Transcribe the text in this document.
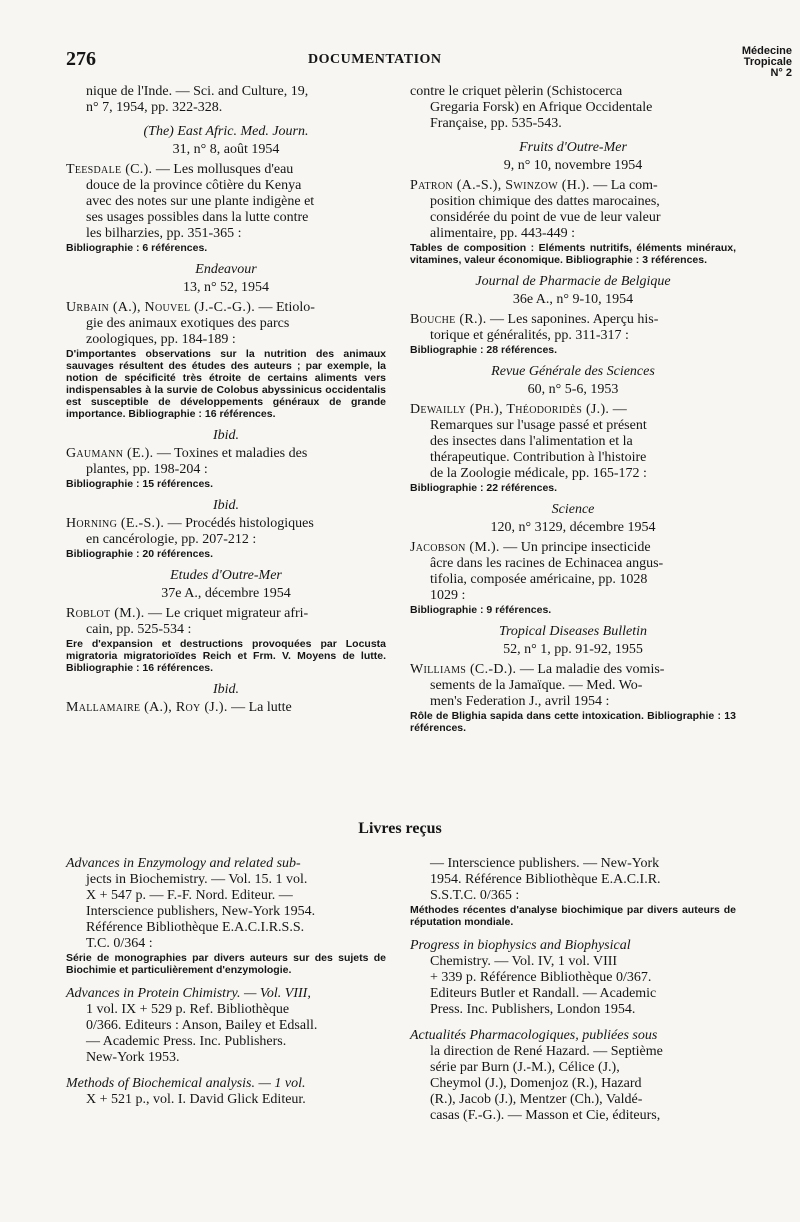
276	DOCUMENTATION
Médecine
Tropicale
N° 2
nique de l'Inde. — Sci. and Culture, 19,
n° 7, 1954, pp. 322-328.
(The) East Afric. Med. Journ.
31, n° 8, août 1954
Teesdale (C.). — Les mollusques d'eau
douce de la province côtière du Kenya
avec des notes sur une plante indigène et
ses usages possibles dans la lutte contre
les bilharzies, pp. 351-365 :
Bibliographie : 6 références.
Endeavour
13, n° 52, 1954
Urbain (A.), Nouvel (J.-C.-G.). — Etiolo-
gie des animaux exotiques des parcs
zoologiques, pp. 184-189 :
D'importantes observations sur la nutrition des animaux sauvages résultent des études des auteurs ; par exemple, la notion de spécificité très étroite de certains aliments vers indispensables à la survie de Colobus abyssinicus occidentalis est susceptible de développements généraux de grande importance. Bibliographie : 16 références.
Ibid.
Gaumann (E.). — Toxines et maladies des
plantes, pp. 198-204 :
Bibliographie : 15 références.
Ibid.
Horning (E.-S.). — Procédés histologiques
en cancérologie, pp. 207-212 :
Bibliographie : 20 références.
Etudes d'Outre-Mer
37e A., décembre 1954
Roblot (M.). — Le criquet migrateur afri-
cain, pp. 525-534 :
Ere d'expansion et destructions provoquées par Locusta migratoria migratorioïdes Reich et Frm. V. Moyens de lutte. Bibliographie : 16 références.
Ibid.
Mallamaire (A.), Roy (J.). — La lutte
contre le criquet pèlerin (Schistocerca
Gregaria Forsk) en Afrique Occidentale
Française, pp. 535-543.
Fruits d'Outre-Mer
9, n° 10, novembre 1954
Patron (A.-S.), Swinzow (H.). — La com-
position chimique des dattes marocaines,
considérée du point de vue de leur valeur
alimentaire, pp. 443-449 :
Tables de composition : Eléments nutritifs, éléments minéraux, vitamines, valeur économique. Bibliographie : 3 références.
Journal de Pharmacie de Belgique
36e A., n° 9-10, 1954
Bouche (R.). — Les saponines. Aperçu his-
torique et généralités, pp. 311-317 :
Bibliographie : 28 références.
Revue Générale des Sciences
60, n° 5-6, 1953
Dewailly (Ph.), Théodoridès (J.). —
Remarques sur l'usage passé et présent
des insectes dans l'alimentation et la
thérapeutique. Contribution à l'histoire
de la Zoologie médicale, pp. 165-172 :
Bibliographie : 22 références.
Science
120, n° 3129, décembre 1954
Jacobson (M.). — Un principe insecticide
âcre dans les racines de Echinacea angus-
tifolia, composée américaine, pp. 1028
1029 :
Bibliographie : 9 références.
Tropical Diseases Bulletin
52, n° 1, pp. 91-92, 1955
Williams (C.-D.). — La maladie des vomis-
sements de la Jamaïque. — Med. Wo-
men's Federation J., avril 1954 :
Rôle de Blighia sapida dans cette intoxication. Bibliographie : 13 références.
Livres reçus
Advances in Enzymology and related sub-
jects in Biochemistry. — Vol. 15. 1 vol.
X + 547 p. — F.-F. Nord. Editeur. —
Interscience publishers, New-York 1954.
Référence Bibliothèque E.A.C.I.R.S.S.
T.C. 0/364 :
Série de monographies par divers auteurs sur des sujets de Biochimie et particulièrement d'enzymologie.
Advances in Protein Chimistry. — Vol. VIII,
1 vol. IX + 529 p. Ref. Bibliothèque
0/366. Editeurs : Anson, Bailey et Edsall.
— Academic Press. Inc. Publishers.
New-York 1953.
Methods of Biochemical analysis. — 1 vol.
X + 521 p., vol. I. David Glick Editeur.
— Interscience publishers. — New-York
1954. Référence Bibliothèque E.A.C.I.R.
S.S.T.C. 0/365 :
Méthodes récentes d'analyse biochimique par divers auteurs de réputation mondiale.
Progress in biophysics and Biophysical
Chemistry. — Vol. IV, 1 vol. VIII
+ 339 p. Référence Bibliothèque 0/367.
Editeurs Butler et Randall. — Academic
Press. Inc. Publishers, London 1954.
Actualités Pharmacologiques, publiées sous
la direction de René Hazard. — Septième
série par Burn (J.-M.), Célice (J.),
Cheymol (J.), Domenjoz (R.), Hazard
(R.), Jacob (J.), Mentzer (Ch.), Valdé-
casas (F.-G.). — Masson et Cie, éditeurs,
